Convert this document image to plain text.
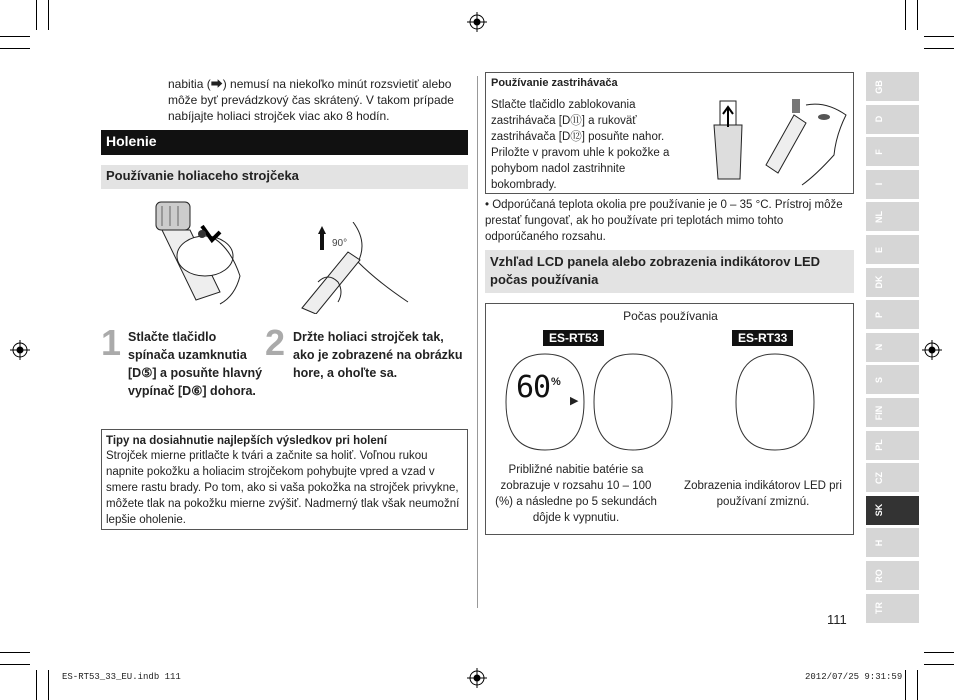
nabitia (⮕) nemusí na niekoľko minút rozsvietiť alebo môže byť prevádzkový čas skrátený. V takom prípade nabíjajte holiaci strojček viac ako 8 hodín.
Holenie
Používanie holiaceho strojčeka
90°
1 Stlačte tlačidlo spínača uzamknutia [D⑤] a posuňte hlavný vypínač [D⑥] dohora.
2 Držte holiaci strojček tak, ako je zobrazené na obrázku hore, a ohoľte sa.
Tipy na dosiahnutie najlepších výsledkov pri holení
Strojček mierne pritlačte k tvári a začnite sa holiť. Voľnou rukou napnite pokožku a holiacim strojčekom pohybujte vpred a vzad v smere rastu brady. Po tom, ako si vaša pokožka na strojček privykne, môžete tlak na pokožku mierne zvýšiť. Nadmerný tlak však neumožní lepšie oholenie.
Používanie zastrihávača
Stlačte tlačidlo zablokovania zastrihávača [D⑪] a rukoväť zastrihávača [D⑫] posuňte nahor. Priložte v pravom uhle k pokožke a pohybom nadol zastrihnite bokombrady.
• Odporúčaná teplota okolia pre používanie je 0 – 35 °C. Prístroj môže prestať fungovať, ak ho používate pri teplotách mimo tohto odporúčaného rozsahu.
Vzhľad LCD panela alebo zobrazenia indikátorov LED počas používania
Počas používania
ES-RT53	ES-RT33
60 %
▶
Približné nabitie batérie sa zobrazuje v rozsahu 10 – 100 (%) a následne po 5 sekundách dôjde k vypnutiu.
Zobrazenia indikátorov LED pri používaní zmiznú.
111
GB
D
F
I
NL
E
DK
P
N
S
FIN
PL
CZ
SK
H
RO
TR
ES-RT53_33_EU.indb 111	2012/07/25 9:31:59
